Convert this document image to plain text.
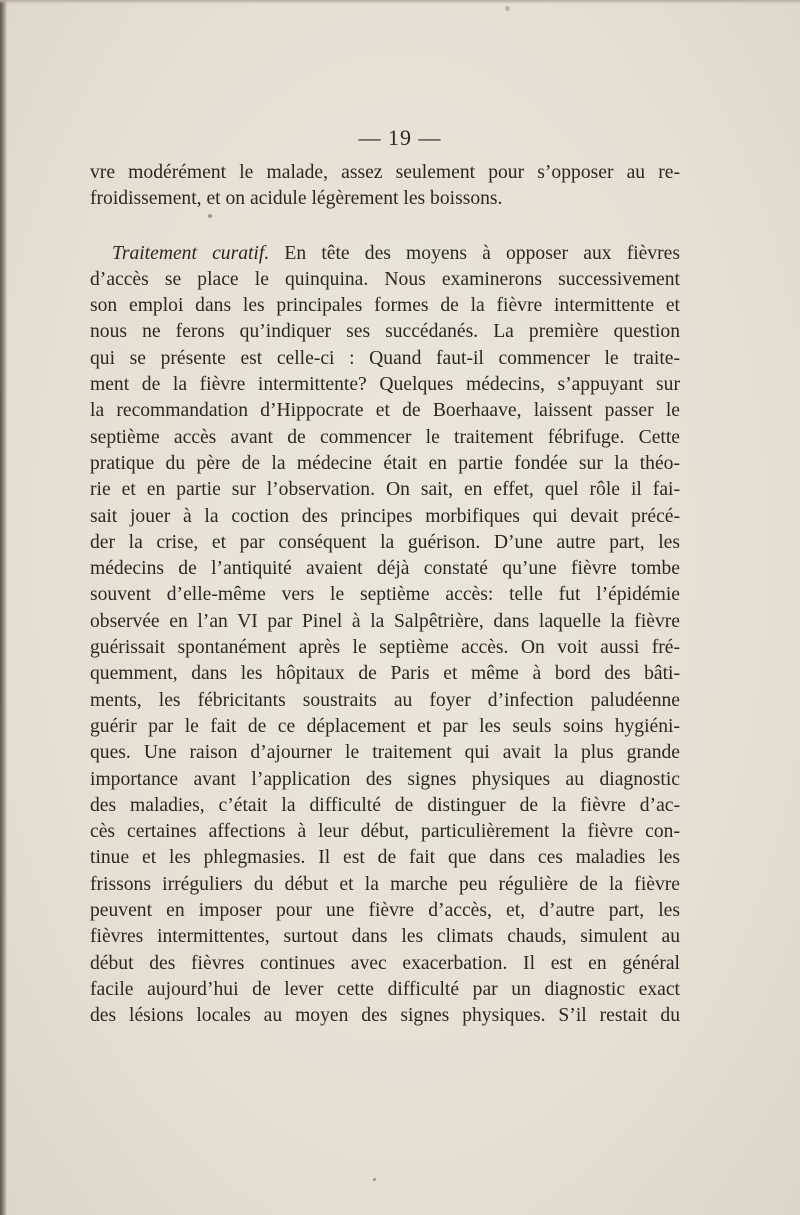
— 19 —
vre modérément le malade, assez seulement pour s’opposer au re-
froidissement, et on acidule légèrement les boissons.
Traitement curatif. En tête des moyens à opposer aux fièvres
d’accès se place le quinquina. Nous examinerons successivement
son emploi dans les principales formes de la fièvre intermittente et
nous ne ferons qu’indiquer ses succédanés. La première question
qui se présente est celle-ci : Quand faut-il commencer le traite-
ment de la fièvre intermittente? Quelques médecins, s’appuyant sur
la recommandation d’Hippocrate et de Boerhaave, laissent passer le
septième accès avant de commencer le traitement fébrifuge. Cette
pratique du père de la médecine était en partie fondée sur la théo-
rie et en partie sur l’observation. On sait, en effet, quel rôle il fai-
sait jouer à la coction des principes morbifiques qui devait précé-
der la crise, et par conséquent la guérison. D’une autre part, les
médecins de l’antiquité avaient déjà constaté qu’une fièvre tombe
souvent d’elle-même vers le septième accès: telle fut l’épidémie
observée en l’an VI par Pinel à la Salpêtrière, dans laquelle la fièvre
guérissait spontanément après le septième accès. On voit aussi fré-
quemment, dans les hôpitaux de Paris et même à bord des bâti-
ments, les fébricitants soustraits au foyer d’infection paludéenne
guérir par le fait de ce déplacement et par les seuls soins hygiéni-
ques. Une raison d’ajourner le traitement qui avait la plus grande
importance avant l’application des signes physiques au diagnostic
des maladies, c’était la difficulté de distinguer de la fièvre d’ac-
cès certaines affections à leur début, particulièrement la fièvre con-
tinue et les phlegmasies. Il est de fait que dans ces maladies les
frissons irréguliers du début et la marche peu régulière de la fièvre
peuvent en imposer pour une fièvre d’accès, et, d’autre part, les
fièvres intermittentes, surtout dans les climats chauds, simulent au
début des fièvres continues avec exacerbation. Il est en général
facile aujourd’hui de lever cette difficulté par un diagnostic exact
des lésions locales au moyen des signes physiques. S’il restait du
